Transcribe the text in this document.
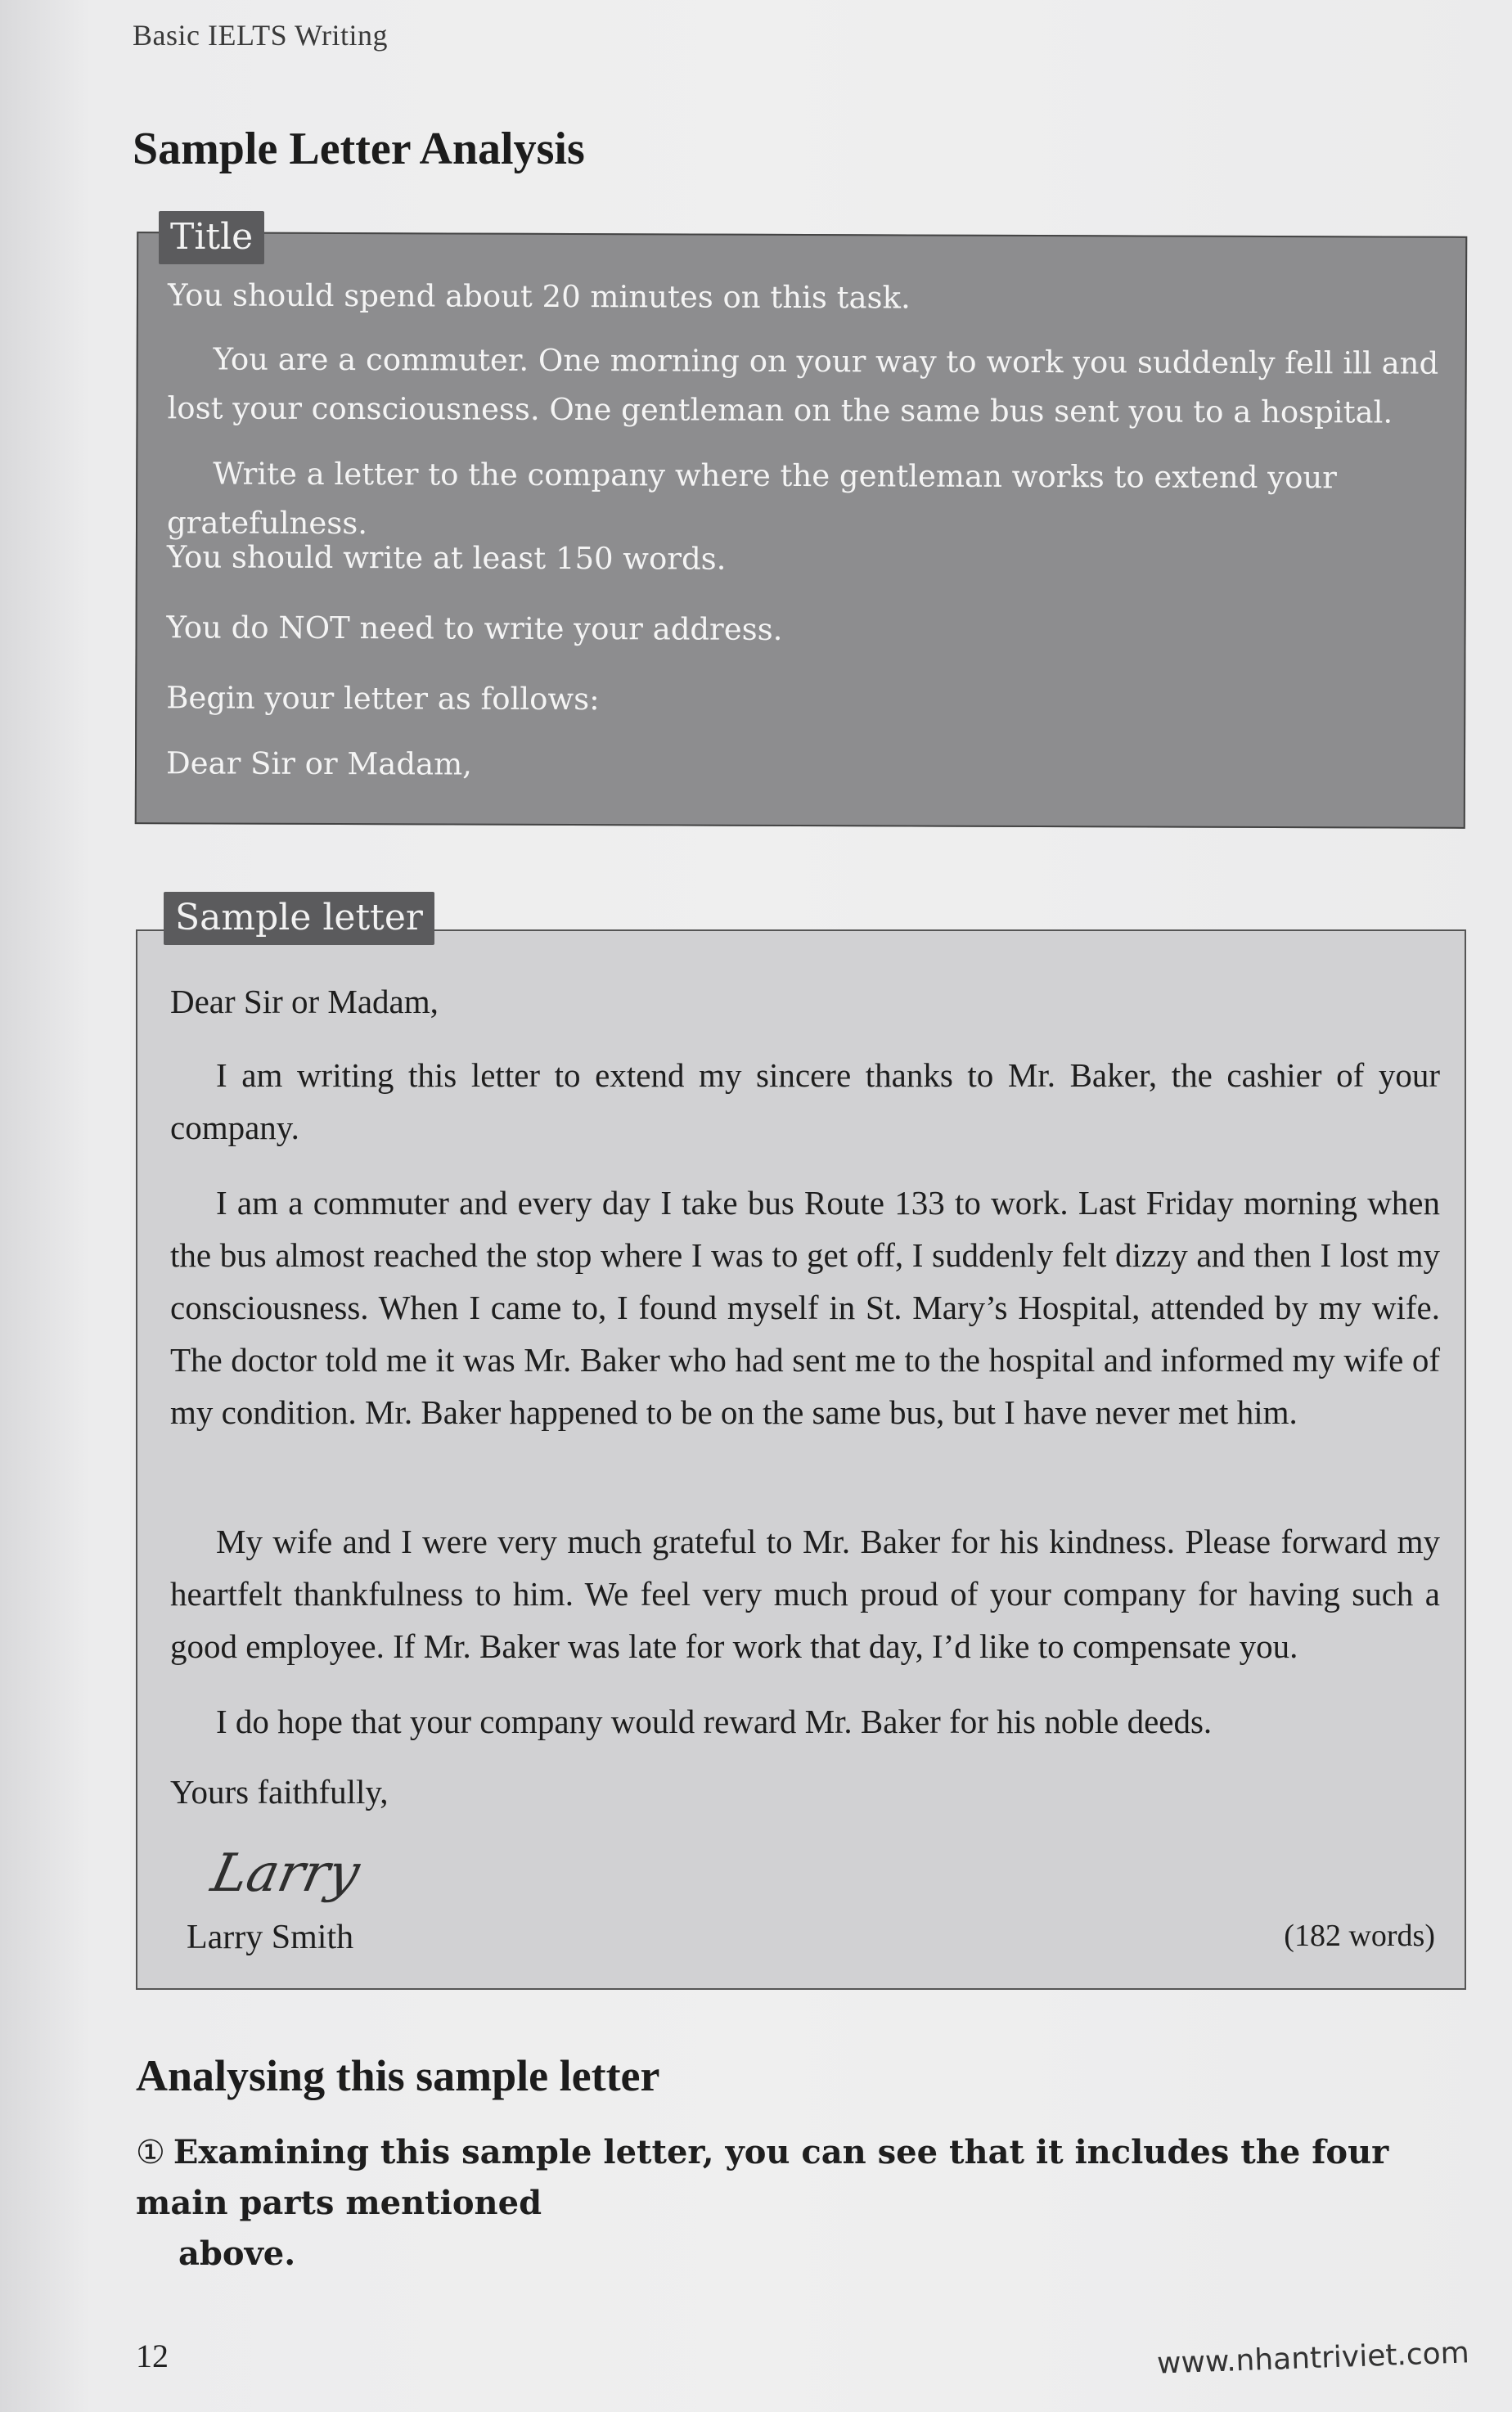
Basic IELTS Writing
Sample Letter Analysis

You should spend about 20 minutes on this task.

You are a commuter. One morning on your way to work you suddenly fell ill and lost your consciousness. One gentleman on the same bus sent you to a hospital.

Write a letter to the company where the gentleman works to extend your gratefulness.

You should write at least 150 words.

You do NOT need to write your address.

Begin your letter as follows:

Dear Sir or Madam,

Title

Dear Sir or Madam,

I am writing this letter to extend my sincere thanks to Mr. Baker, the cashier of your company.

I am a commuter and every day I take bus Route 133 to work. Last Friday morning when the bus almost reached the stop where I was to get off, I suddenly felt dizzy and then I lost my consciousness. When I came to, I found myself in St. Mary’s Hospital, attended by my wife. The doctor told me it was Mr. Baker who had sent me to the hospital and informed my wife of my condition. Mr. Baker happened to be on the same bus, but I have never met him.

My wife and I were very much grateful to Mr. Baker for his kindness. Please forward my heartfelt thankfulness to him. We feel very much proud of your company for having such a good employee. If Mr. Baker was late for work that day, I’d like to compensate you.

I do hope that your company would reward Mr. Baker for his noble deeds.

Yours faithfully,

Larry
Larry Smith	(182 words)
Sample letter
Analysing this sample letter
① Examining this sample letter, you can see that it includes the four main parts mentioned
above.
12	www.nhantriviet.com
